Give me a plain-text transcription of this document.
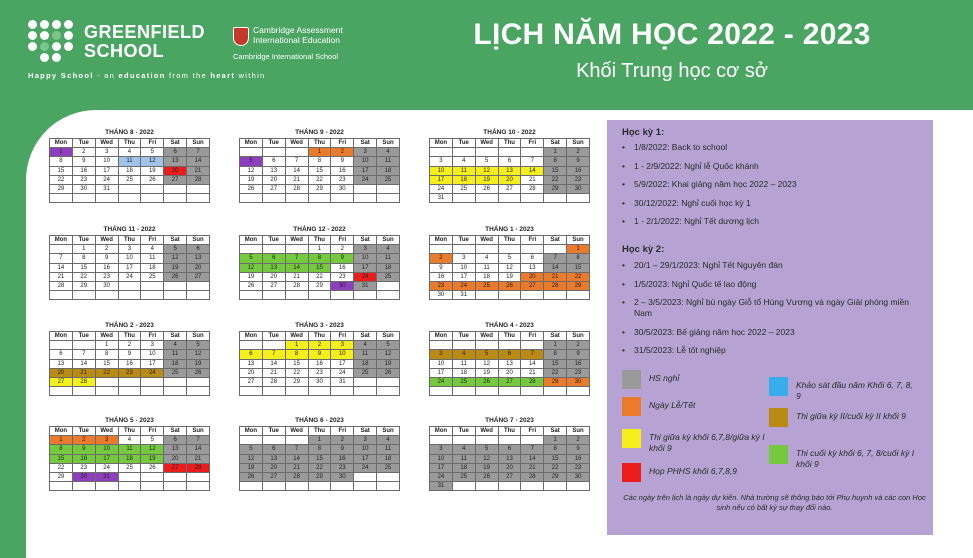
GREENFIELD
SCHOOL
Happy School - an education from the heart within
Cambridge Assessment
International Education
Cambridge International School
LỊCH NĂM HỌC 2022 - 2023
Khối Trung học cơ sở
THÁNG 8 - 2022
Mon	Tue	Wed	Thu	Fri	Sat	Sun
1	2	3	4	5	6	7
8	9	10	11	12	13	14
15	16	17	18	19	20	21
22	23	24	25	26	27	28
29	30	31				

THÁNG 9 - 2022
Mon	Tue	Wed	Thu	Fri	Sat	Sun
			1	2	3	4
5	6	7	8	9	10	11
12	13	14	15	16	17	18
19	20	21	22	23	24	25
26	27	28	29	30		

THÁNG 10 - 2022
Mon	Tue	Wed	Thu	Fri	Sat	Sun
					1	2
3	4	5	6	7	8	9
10	11	12	13	14	15	16
17	18	19	20	21	22	23
24	25	26	27	28	29	30
31						
THÁNG 11 - 2022
Mon	Tue	Wed	Thu	Fri	Sat	Sun
	1	2	3	4	5	6
7	8	9	10	11	12	13
14	15	16	17	18	19	20
21	22	23	24	25	26	27
28	29	30				

THÁNG 12 - 2022
Mon	Tue	Wed	Thu	Fri	Sat	Sun
			1	2	3	4
5	6	7	8	9	10	11
12	13	14	15	16	17	18
19	20	21	22	23	24	25
26	27	28	29	30	31	

THÁNG 1 - 2023
Mon	Tue	Wed	Thu	Fri	Sat	Sun
						1
2	3	4	5	6	7	8
9	10	11	12	13	14	15
16	17	18	19	20	21	22
23	24	25	26	27	28	29
30	31					
THÁNG 2 - 2023
Mon	Tue	Wed	Thu	Fri	Sat	Sun
		1	2	3	4	5
6	7	8	9	10	11	12
13	14	15	16	17	18	19
20	21	22	23	24	25	26
27	28					

THÁNG 3 - 2023
Mon	Tue	Wed	Thu	Fri	Sat	Sun
		1	2	3	4	5
6	7	8	9	10	11	12
13	14	15	16	17	18	19
20	21	22	23	24	25	26
27	28	29	30	31		

THÁNG 4 - 2023
Mon	Tue	Wed	Thu	Fri	Sat	Sun
					1	2
3	4	5	6	7	8	9
10	11	12	13	14	15	16
17	18	19	20	21	22	23
24	25	26	27	28	29	30

THÁNG 5 - 2023
Mon	Tue	Wed	Thu	Fri	Sat	Sun
1	2	3	4	5	6	7
8	9	10	11	12	13	14
15	16	17	18	19	20	21
22	23	24	25	26	27	28
29	30	31				

THÁNG 6 - 2023
Mon	Tue	Wed	Thu	Fri	Sat	Sun
			1	2	3	4
5	6	7	8	9	10	11
12	13	14	15	16	17	18
19	20	21	22	23	24	25
26	27	28	29	30		

THÁNG 7 - 2023
Mon	Tue	Wed	Thu	Fri	Sat	Sun
					1	2
3	4	5	6	7	8	9
10	11	12	13	14	15	16
17	18	19	20	21	22	23
24	25	26	27	28	29	30
31						
Học kỳ 1:
• 1/8/2022: Back to school
• 1 - 2/9/2022: Nghỉ lễ Quốc khánh
• 5/9/2022: Khai giảng năm học 2022 – 2023
• 30/12/2022: Nghỉ cuối học kỳ 1
• 1 - 2/1/2022: Nghỉ Tết dương lịch
Học kỳ 2:
• 20/1 – 29/1/2023: Nghỉ Tết Nguyên đán
• 1/5/2023: Nghỉ Quốc tế lao động
• 2 – 3/5/2023: Nghỉ bù ngày Giỗ tổ Hùng Vương và ngày Giải phóng miền Nam
• 30/5/2023: Bế giảng năm học 2022 – 2023
• 31/5/2023: Lễ tốt nghiệp
HS nghỉ
Khảo sát đầu năm Khối 6, 7, 8, 9
Ngày Lễ/Tết
Thi giữa kỳ II/cuối kỳ II khối 9
Thi giữa kỳ khối 6,7,8/giữa kỳ I khối 9	Thi cuối kỳ khối 6, 7, 8/cuối kỳ I khối 9
Họp PHHS khối 6,7,8,9
Các ngày trên lịch là ngày dự kiến. Nhà trường sẽ thông báo tới Phụ huynh và các con Học sinh nếu có bất kỳ sự thay đổi nào.
